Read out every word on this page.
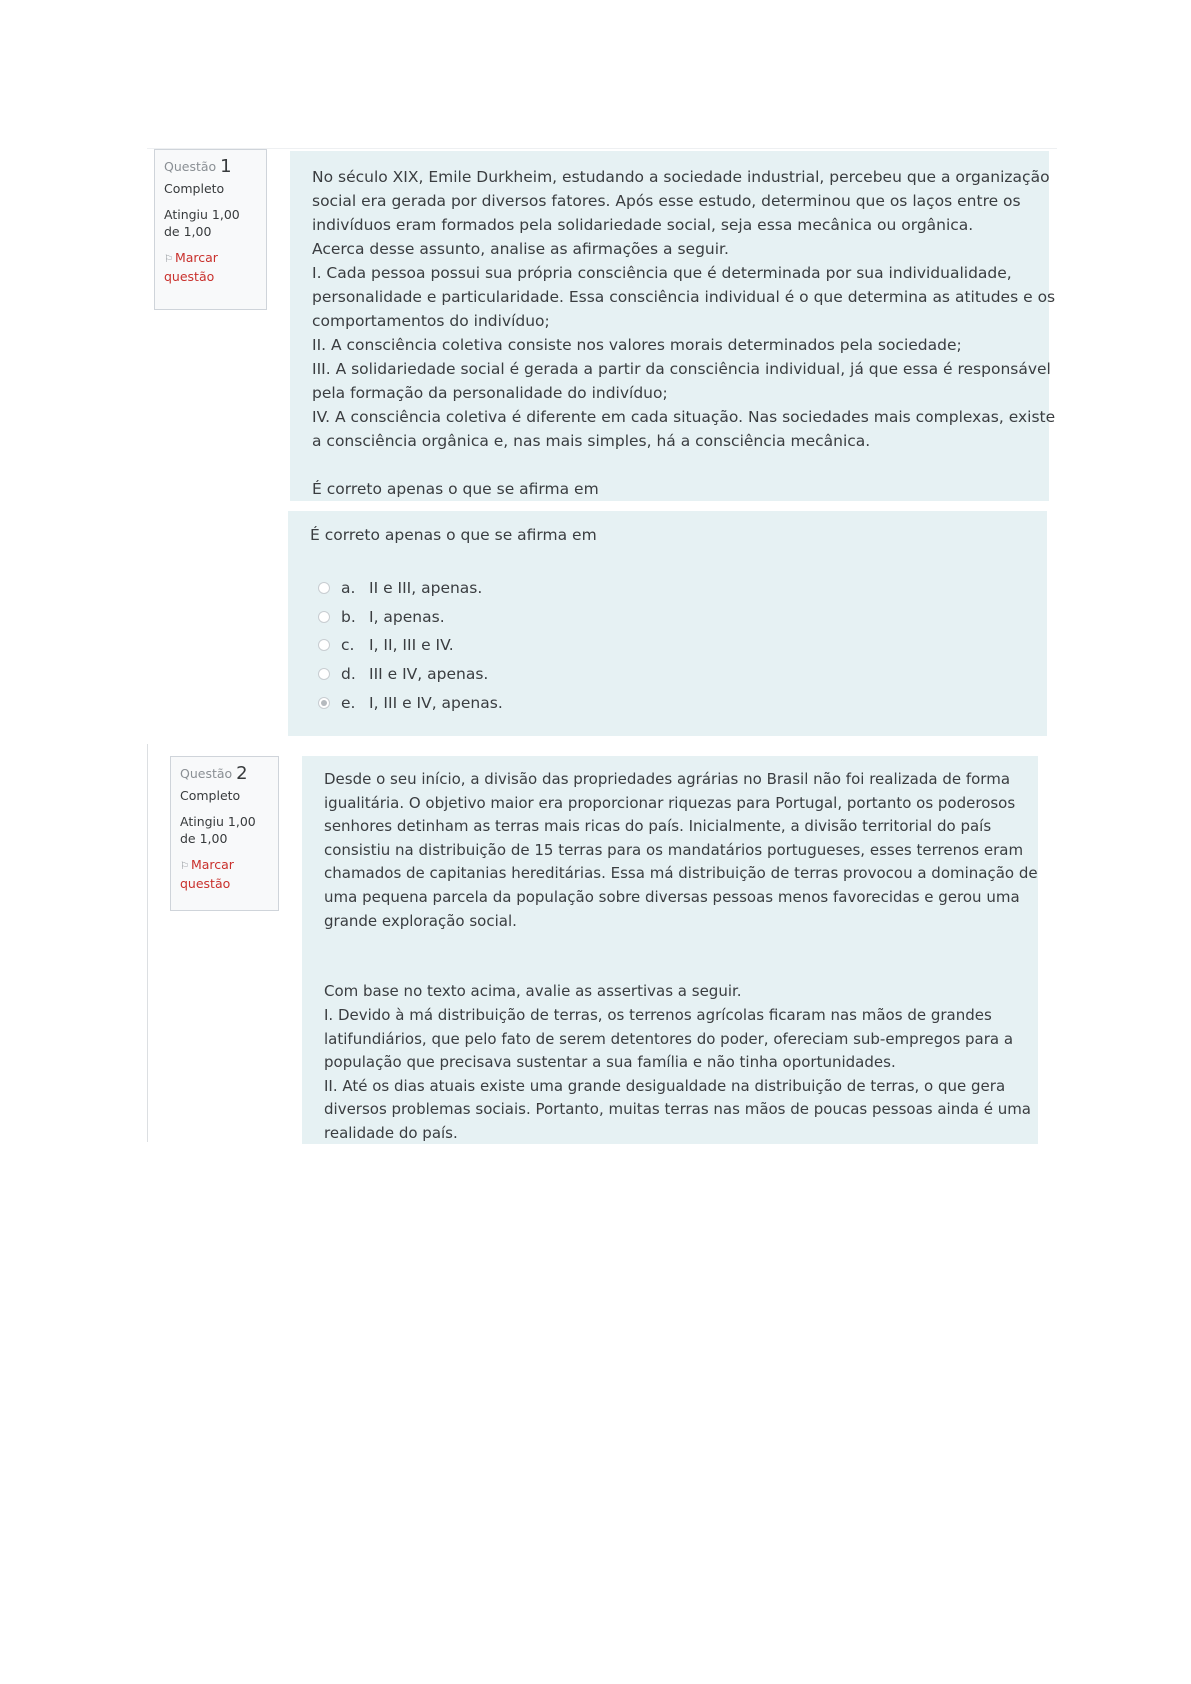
Questão 1
Completo
Atingiu 1,00 de 1,00
⚐ Marcar questão

No século XIX, Emile Durkheim, estudando a sociedade industrial, percebeu que a organização

social era gerada por diversos fatores. Após esse estudo, determinou que os laços entre os

indivíduos eram formados pela solidariedade social, seja essa mecânica ou orgânica.

Acerca desse assunto, analise as afirmações a seguir.

I. Cada pessoa possui sua própria consciência que é determinada por sua individualidade,

personalidade e particularidade. Essa consciência individual é o que determina as atitudes e os

comportamentos do indivíduo;

II. A consciência coletiva consiste nos valores morais determinados pela sociedade;

III. A solidariedade social é gerada a partir da consciência individual, já que essa é responsável

pela formação da personalidade do indivíduo;

IV. A consciência coletiva é diferente em cada situação. Nas sociedades mais complexas, existe

a consciência orgânica e, nas mais simples, há a consciência mecânica.

É correto apenas o que se afirma em

É correto apenas o que se afirma em
a. II e III, apenas.
b. I, apenas.
c. I, II, III e IV.
d. III e IV, apenas.
e. I, III e IV, apenas.
Questão 2
Completo
Atingiu 1,00 de 1,00
⚐ Marcar questão

Desde o seu início, a divisão das propriedades agrárias no Brasil não foi realizada de forma

igualitária. O objetivo maior era proporcionar riquezas para Portugal, portanto os poderosos

senhores detinham as terras mais ricas do país. Inicialmente, a divisão territorial do país

consistiu na distribuição de 15 terras para os mandatários portugueses, esses terrenos eram

chamados de capitanias hereditárias. Essa má distribuição de terras provocou a dominação de

uma pequena parcela da população sobre diversas pessoas menos favorecidas e gerou uma

grande exploração social.

Com base no texto acima, avalie as assertivas a seguir.

I. Devido à má distribuição de terras, os terrenos agrícolas ficaram nas mãos de grandes

latifundiários, que pelo fato de serem detentores do poder, ofereciam sub-empregos para a

população que precisava sustentar a sua família e não tinha oportunidades.

II. Até os dias atuais existe uma grande desigualdade na distribuição de terras, o que gera

diversos problemas sociais. Portanto, muitas terras nas mãos de poucas pessoas ainda é uma

realidade do país.
